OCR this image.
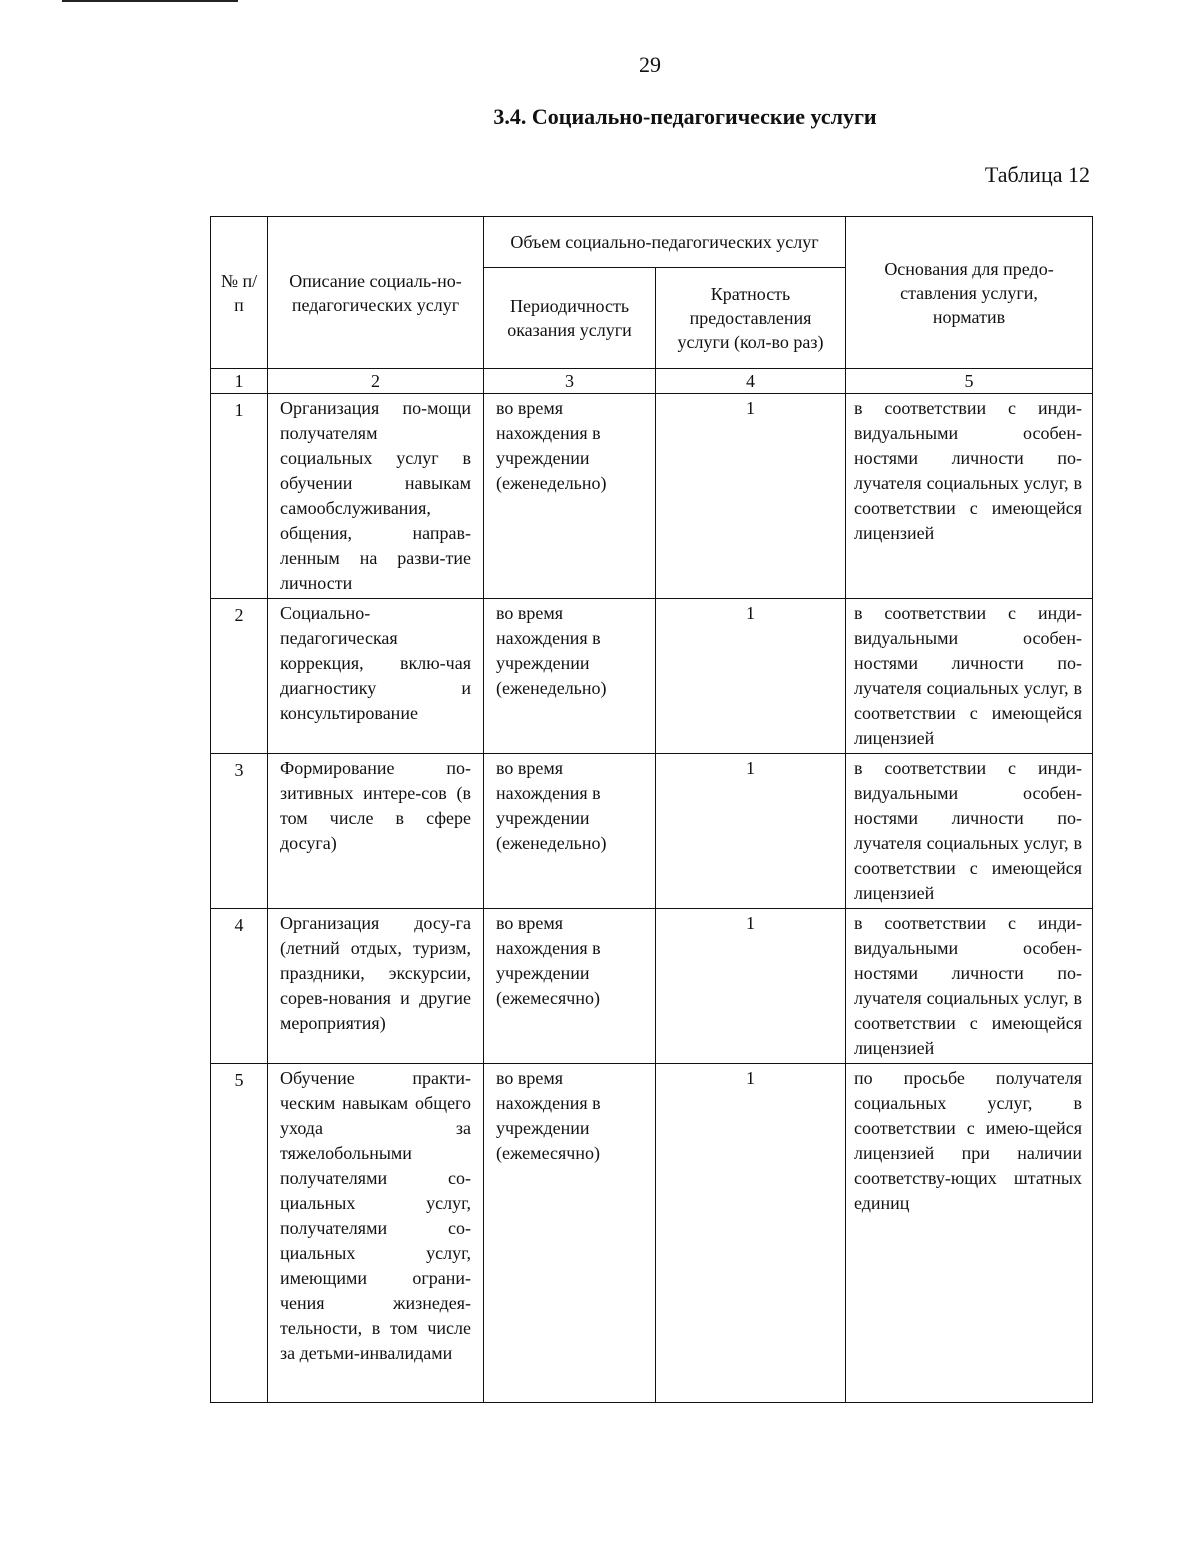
29
3.4. Социально-педагогические услуги
Таблица 12
№ п/п	Описание социаль-но-педагогических услуг	Объем социально-педагогических услуг		Основания для предо-ставления услуги, норматив
		Периодичность оказания услуги	Кратность предоставления услуги (кол-во раз)	
1	2	3	4	5
1	Организация по-мощи получателям социальных услуг в обучении навыкам самообслуживания, общения, направ-ленным на разви-тие личности	во время нахождения в учреждении (еженедельно)	1	в соответствии с инди-видуальными особен-ностями личности по-лучателя социальных услуг, в соответствии с имеющейся лицензией
2	Социально-педагогическая коррекция, вклю-чая диагностику и консультирование	во время нахождения в учреждении (еженедельно)	1	в соответствии с инди-видуальными особен-ностями личности по-лучателя социальных услуг, в соответствии с имеющейся лицензией
3	Формирование по-зитивных интере-сов (в том числе в сфере досуга)	во время нахождения в учреждении (еженедельно)	1	в соответствии с инди-видуальными особен-ностями личности по-лучателя социальных услуг, в соответствии с имеющейся лицензией
4	Организация досу-га (летний отдых, туризм, праздники, экскурсии, сорев-нования и другие мероприятия)	во время нахождения в учреждении (ежемесячно)	1	в соответствии с инди-видуальными особен-ностями личности по-лучателя социальных услуг, в соответствии с имеющейся лицензией
5	Обучение практи-ческим навыкам общего ухода за тяжелобольными получателями со-циальных услуг, получателями со-циальных услуг, имеющими ограни-чения жизнедея-тельности, в том числе за детьми-инвалидами	во время нахождения в учреждении (ежемесячно)	1	по просьбе получателя социальных услуг, в соответствии с имею-щейся лицензией при наличии соответству-ющих штатных единиц
